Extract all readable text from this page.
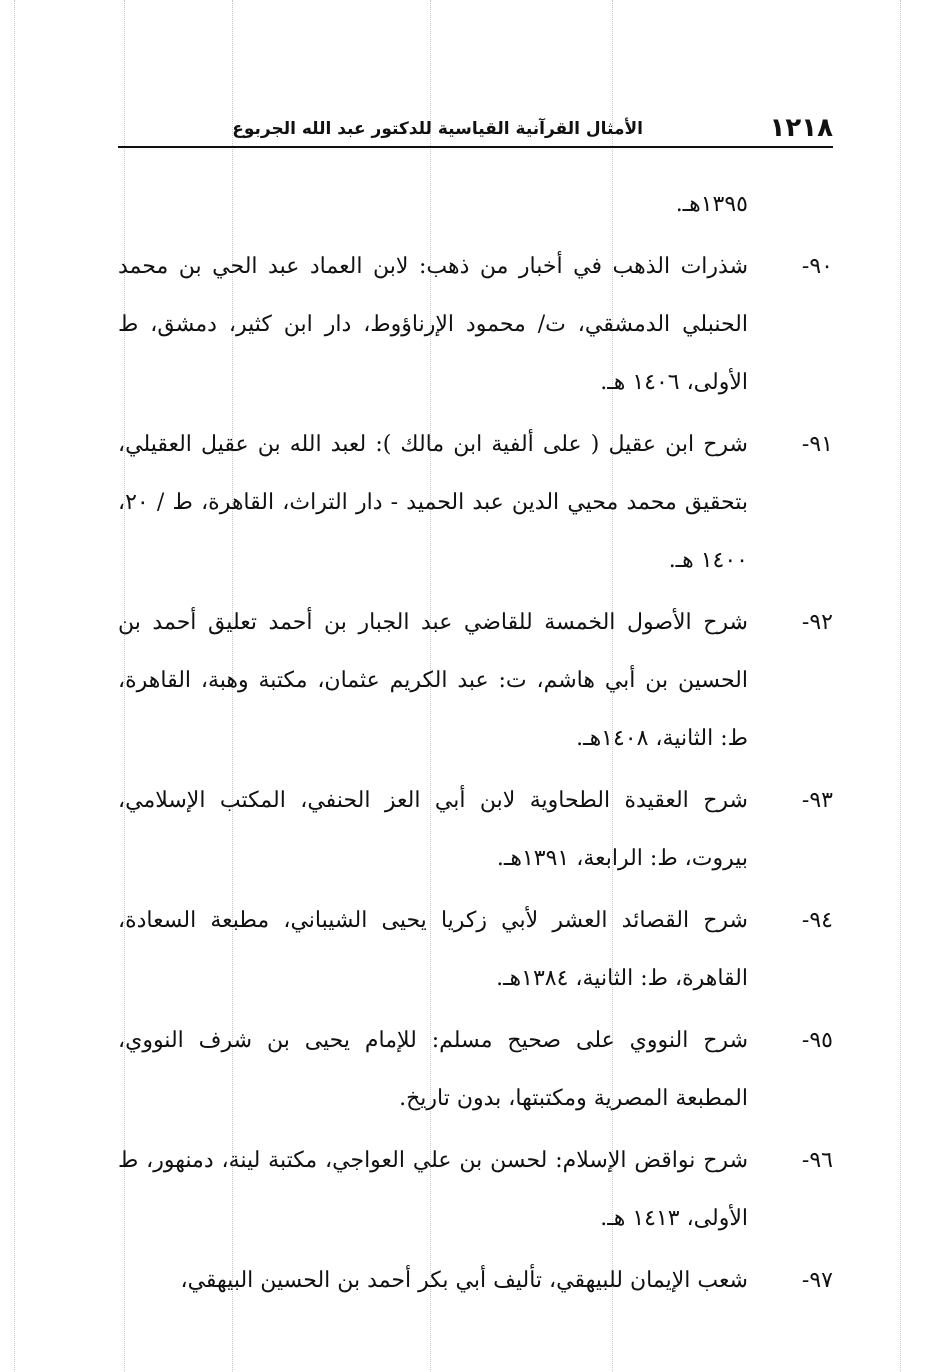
١٢١٨
الأمثال القرآنية القياسية للدكتور عبد الله الجربوع
١٣٩٥هـ.
٩٠-
شذرات الذهب في أخبار من ذهب: لابن العماد عبد الحي بن محمد الحنبلي الدمشقي، ت/ محمود الإرناؤوط، دار ابن كثير، دمشق، ط الأولى، ١٤٠٦ هـ.
٩١-
شرح ابن عقيل ( على ألفية ابن مالك ): لعبد الله بن عقيل العقيلي، بتحقيق محمد محيي الدين عبد الحميد - دار التراث، القاهرة، ط / ٢٠، ١٤٠٠ هـ.
٩٢-
شرح الأصول الخمسة للقاضي عبد الجبار بن أحمد تعليق أحمد بن الحسين بن أبي هاشم، ت: عبد الكريم عثمان، مكتبة وهبة، القاهرة، ط: الثانية، ١٤٠٨هـ.
٩٣-
شرح العقيدة الطحاوية لابن أبي العز الحنفي، المكتب الإسلامي، بيروت، ط: الرابعة، ١٣٩١هـ.
٩٤-
شرح القصائد العشر لأبي زكريا يحيى الشيباني، مطبعة السعادة، القاهرة، ط: الثانية، ١٣٨٤هـ.
٩٥-
شرح النووي على صحيح مسلم: للإمام يحيى بن شرف النووي، المطبعة المصرية ومكتبتها، بدون تاريخ.
٩٦-
شرح نواقض الإسلام: لحسن بن علي العواجي، مكتبة لينة، دمنهور، ط الأولى، ١٤١٣ هـ.
٩٧-
شعب الإيمان للبيهقي، تأليف أبي بكر أحمد بن الحسين البيهقي،
